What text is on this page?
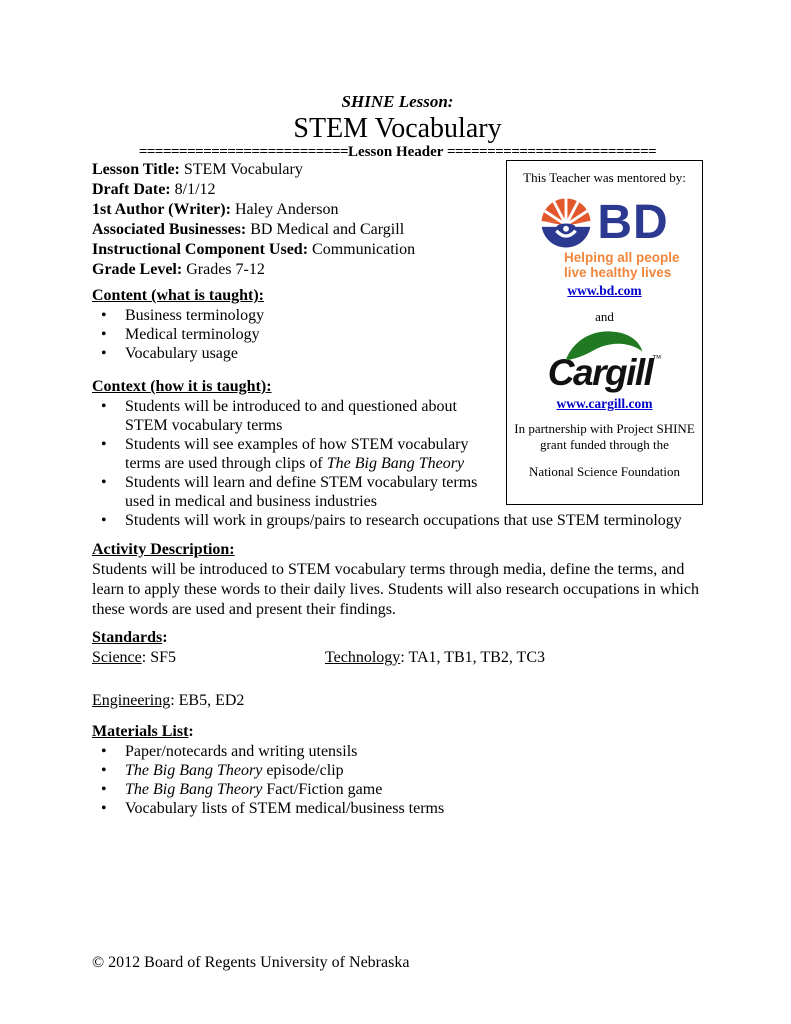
SHINE Lesson:
STEM Vocabulary
==========================Lesson Header ==========================
This Teacher was mentored by:
BD
Helping all people
live healthy lives
www.bd.com
and
Cargill™
www.cargill.com
In partnership with Project SHINE
grant funded through the
National Science Foundation
Lesson Title: STEM Vocabulary
Draft Date: 8/1/12
1st Author (Writer): Haley Anderson
Associated Businesses: BD Medical and Cargill
Instructional Component Used: Communication
Grade Level: Grades 7-12
Content (what is taught):
• Business terminology
• Medical terminology
• Vocabulary usage
Context (how it is taught):
• Students will be introduced to and questioned about STEM vocabulary terms
• Students will see examples of how STEM vocabulary terms are used through clips of The Big Bang Theory
• Students will learn and define STEM vocabulary terms used in medical and business industries
• Students will work in groups/pairs to research occupations that use STEM terminology
Activity Description:
Students will be introduced to STEM vocabulary terms through media, define the terms, and learn to apply these words to their daily lives. Students will also research occupations in which these words are used and present their findings.
Standards:
Science: SF5	Technology: TA1, TB1, TB2, TC3
Engineering: EB5, ED2
Materials List:
• Paper/notecards and writing utensils
• The Big Bang Theory episode/clip
• The Big Bang Theory Fact/Fiction game
• Vocabulary lists of STEM medical/business terms
© 2012 Board of Regents University of Nebraska
